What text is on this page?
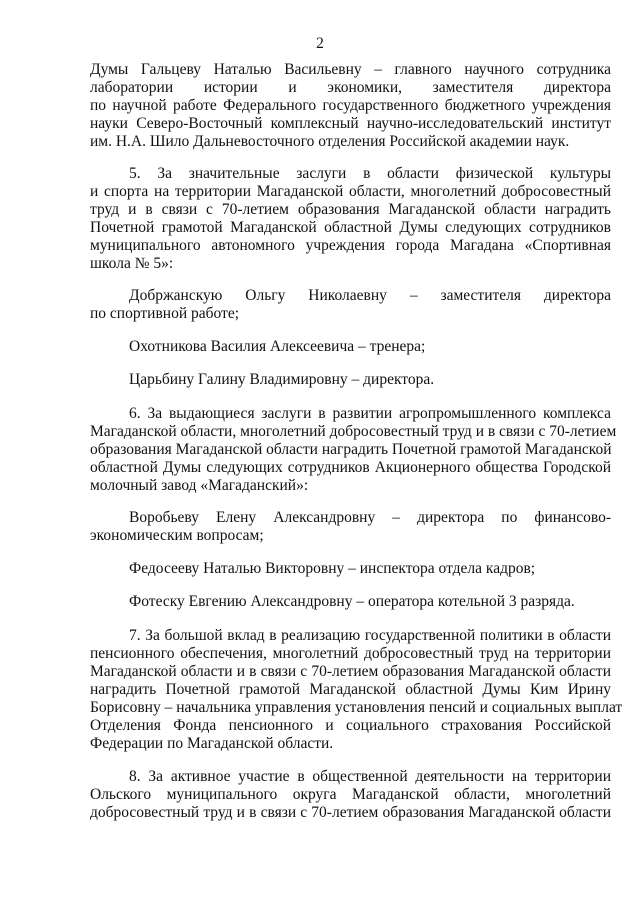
2
Думы Гальцеву Наталью Васильевну – главного научного сотрудника
лаборатории истории и экономики, заместителя директора
по научной работе Федерального государственного бюджетного учреждения
науки Северо-Восточный комплексный научно-исследовательский институт
им. Н.А. Шило Дальневосточного отделения Российской академии наук.
5. За значительные заслуги в области физической культуры
и спорта на территории Магаданской области, многолетний добросовестный
труд и в связи с 70-летием образования Магаданской области наградить
Почетной грамотой Магаданской областной Думы следующих сотрудников
муниципального автономного учреждения города Магадана «Спортивная
школа № 5»:
Добржанскую Ольгу Николаевну – заместителя директора
по спортивной работе;
Охотникова Василия Алексеевича – тренера;
Царьбину Галину Владимировну – директора.
6. За выдающиеся заслуги в развитии агропромышленного комплекса
Магаданской области, многолетний добросовестный труд и в связи с 70-летием
образования Магаданской области наградить Почетной грамотой Магаданской
областной Думы следующих сотрудников Акционерного общества Городской
молочный завод «Магаданский»:
Воробьеву Елену Александровну – директора по финансово-
экономическим вопросам;
Федосееву Наталью Викторовну – инспектора отдела кадров;
Фотеску Евгению Александровну – оператора котельной 3 разряда.
7. За большой вклад в реализацию государственной политики в области
пенсионного обеспечения, многолетний добросовестный труд на территории
Магаданской области и в связи с 70-летием образования Магаданской области
наградить Почетной грамотой Магаданской областной Думы Ким Ирину
Борисовну – начальника управления установления пенсий и социальных выплат
Отделения Фонда пенсионного и социального страхования Российской
Федерации по Магаданской области.
8. За активное участие в общественной деятельности на территории
Ольского муниципального округа Магаданской области, многолетний
добросовестный труд и в связи с 70-летием образования Магаданской области
